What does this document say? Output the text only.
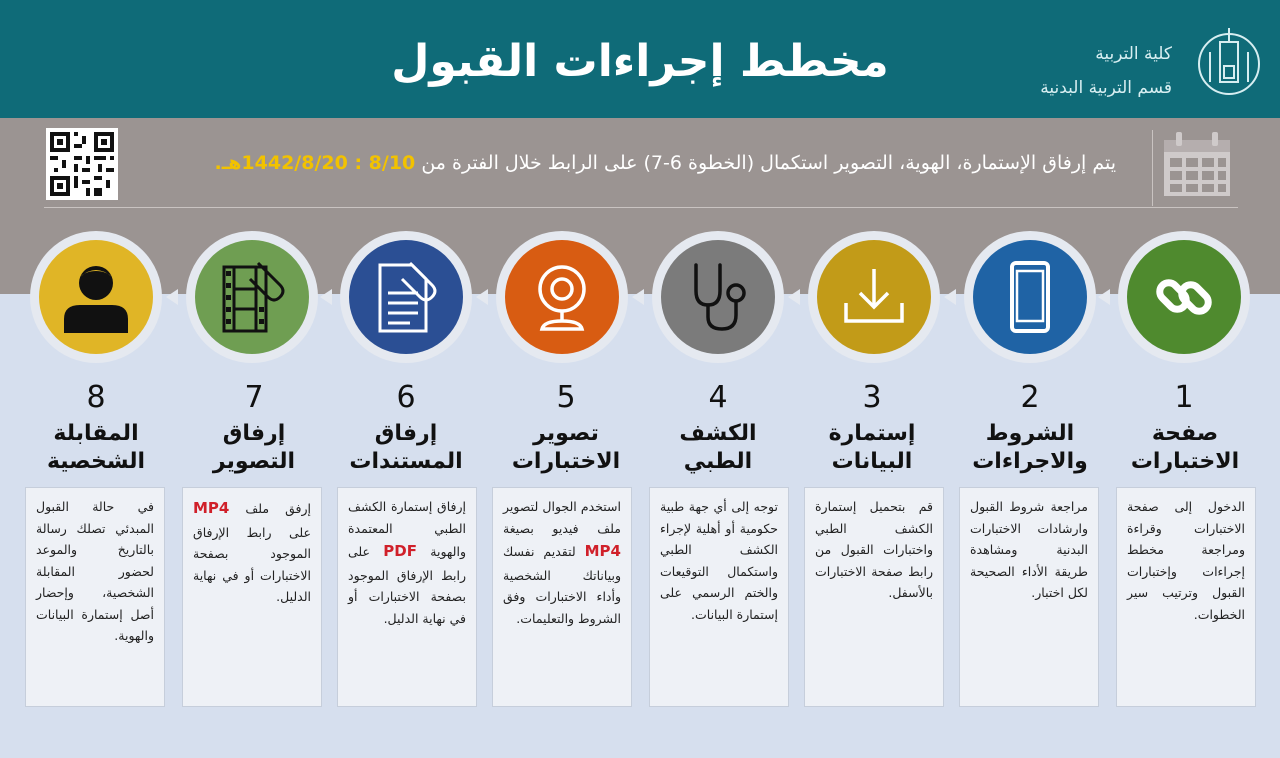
مخطط إجراءات القبول	كلية التربية
قسم التربية البدنية
يتم إرفاق الإستمارة، الهوية، التصوير استكمال (الخطوة 6-7) على الرابط خلال الفترة من 8/10 : 1442/8/20هـ.
1
2
3
4
5
6
7
8
صفحة الاختبارات
الشروط والاجراءات
إستمارة البيانات
الكشف الطبي
تصوير الاختبارات
إرفاق المستندات
إرفاق التصوير
المقابلة الشخصية
الدخول إلى صفحة الاختبارات وقراءة ومراجعة مخطط إجراءات وإختبارات القبول وترتيب سير الخطوات.
مراجعة شروط القبول وارشادات الاختبارات البدنية ومشاهدة طريقة الأداء الصحيحة لكل اختبار.
قم بتحميل إستمارة الكشف الطبي واختبارات القبول من رابط صفحة الاختبارات بالأسفل.
توجه إلى أي جهة طبية حكومية أو أهلية لإجراء الكشف الطبي واستكمال التوقيعات والختم الرسمي على إستمارة البيانات.
استخدم الجوال لتصوير ملف فيديو بصيغة MP4 لتقديم نفسك وبياناتك الشخصية وأداء الاختبارات وفق الشروط والتعليمات.
إرفاق إستمارة الكشف الطبي المعتمدة والهوية PDF على رابط الإرفاق الموجود بصفحة الاختبارات أو في نهاية الدليل.
إرفق ملف MP4 على رابط الإرفاق الموجود بصفحة الاختبارات أو في نهاية الدليل.
في حالة القبول المبدئي تصلك رسالة بالتاريخ والموعد لحضور المقابلة الشخصية، وإحضار أصل إستمارة البيانات والهوية.
